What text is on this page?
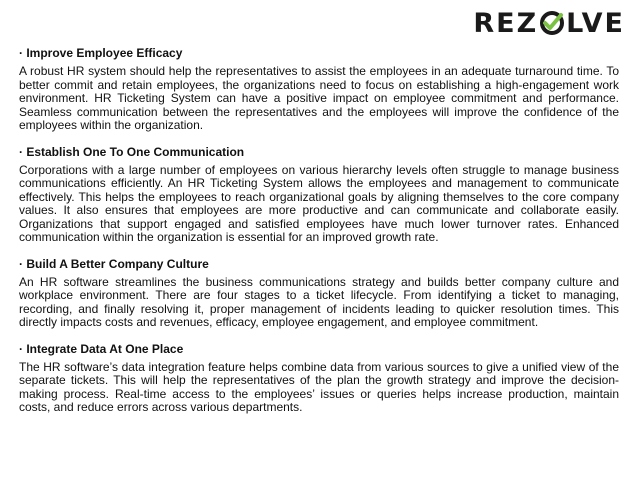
REZ LVE

· Improve Employee Efficacy

A robust HR system should help the representatives to assist the employees in an adequate turnaround time. To better commit and retain employees, the organizations need to focus on establishing a high-engagement work environment. HR Ticketing System can have a positive impact on employee commitment and performance. Seamless communication between the representatives and the employees will improve the confidence of the employees within the organization.

· Establish One To One Communication

Corporations with a large number of employees on various hierarchy levels often struggle to manage business communications efficiently. An HR Ticketing System allows the employees and management to communicate effectively. This helps the employees to reach organizational goals by aligning themselves to the core company values. It also ensures that employees are more productive and can communicate and collaborate easily. Organizations that support engaged and satisfied employees have much lower turnover rates. Enhanced communication within the organization is essential for an improved growth rate.

· Build A Better Company Culture

An HR software streamlines the business communications strategy and builds better company culture and workplace environment. There are four stages to a ticket lifecycle. From identifying a ticket to managing, recording, and finally resolving it, proper management of incidents leading to quicker resolution times. This directly impacts costs and revenues, efficacy, employee engagement, and employee commitment.

· Integrate Data At One Place

The HR software’s data integration feature helps combine data from various sources to give a unified view of the separate tickets. This will help the representatives of the plan the growth strategy and improve the decision-making process. Real-time access to the employees’ issues or queries helps increase production, maintain costs, and reduce errors across various departments.
